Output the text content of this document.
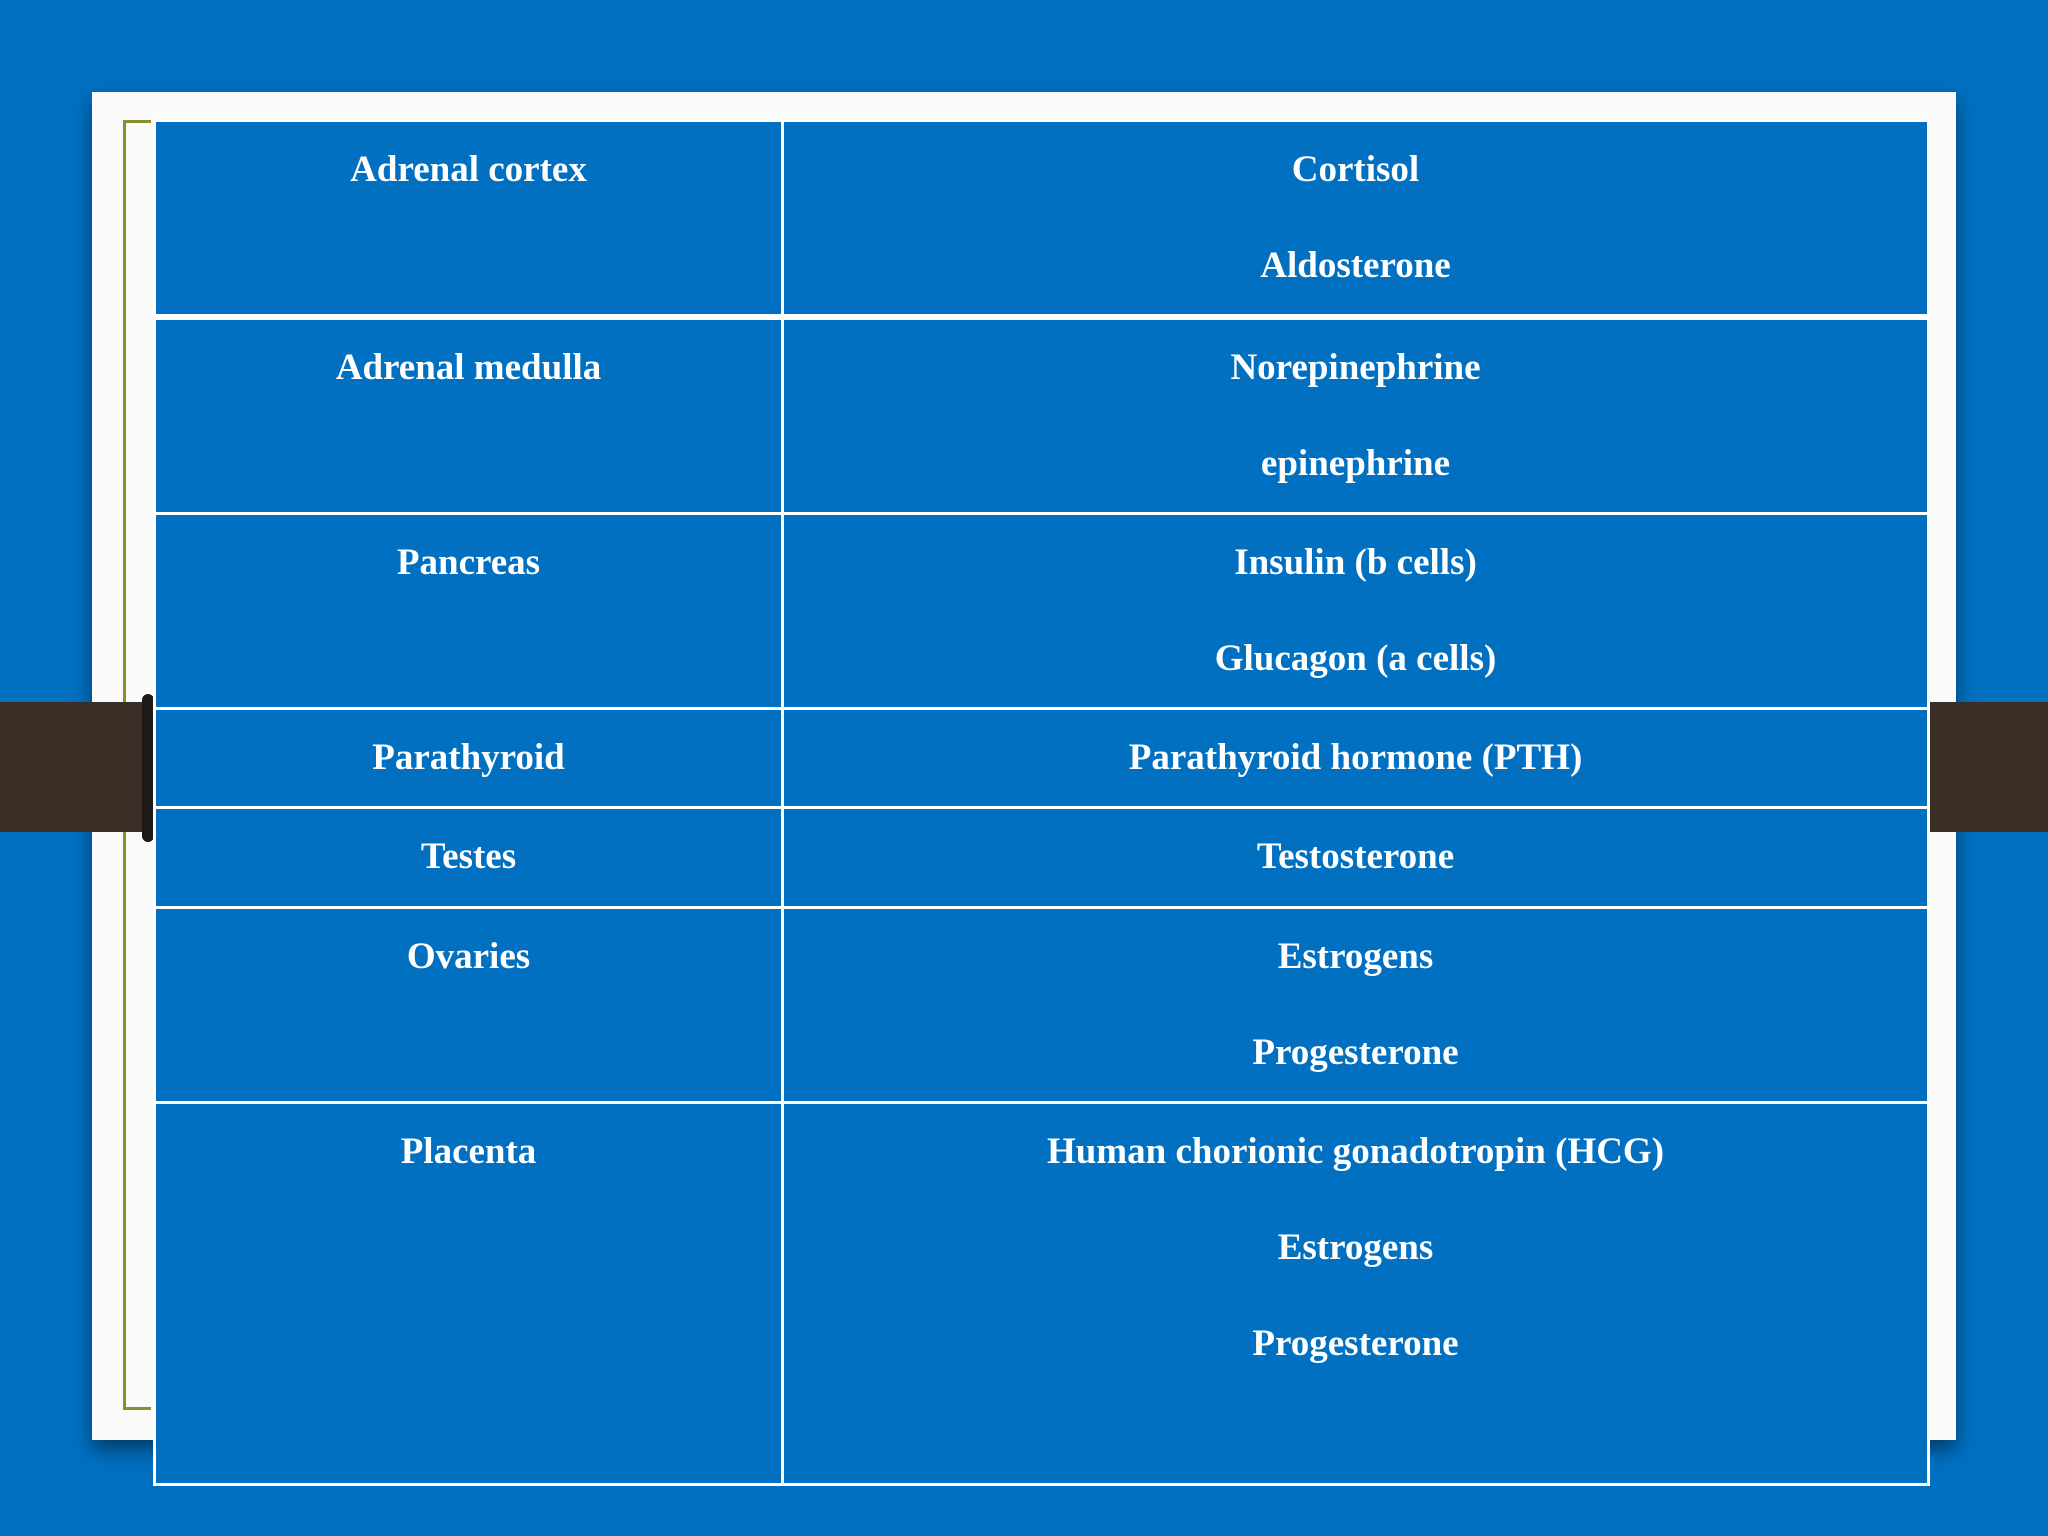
Adrenal cortex	Cortisol
Aldosterone

Adrenal medulla	Norepinephrine
epinephrine

Pancreas	Insulin (b cells)
Glucagon (a cells)

Parathyroid	Parathyroid hormone (PTH)

Testes	Testosterone

Ovaries	Estrogens
Progesterone

Placenta	Human chorionic gonadotropin (HCG)
Estrogens
Progesterone
